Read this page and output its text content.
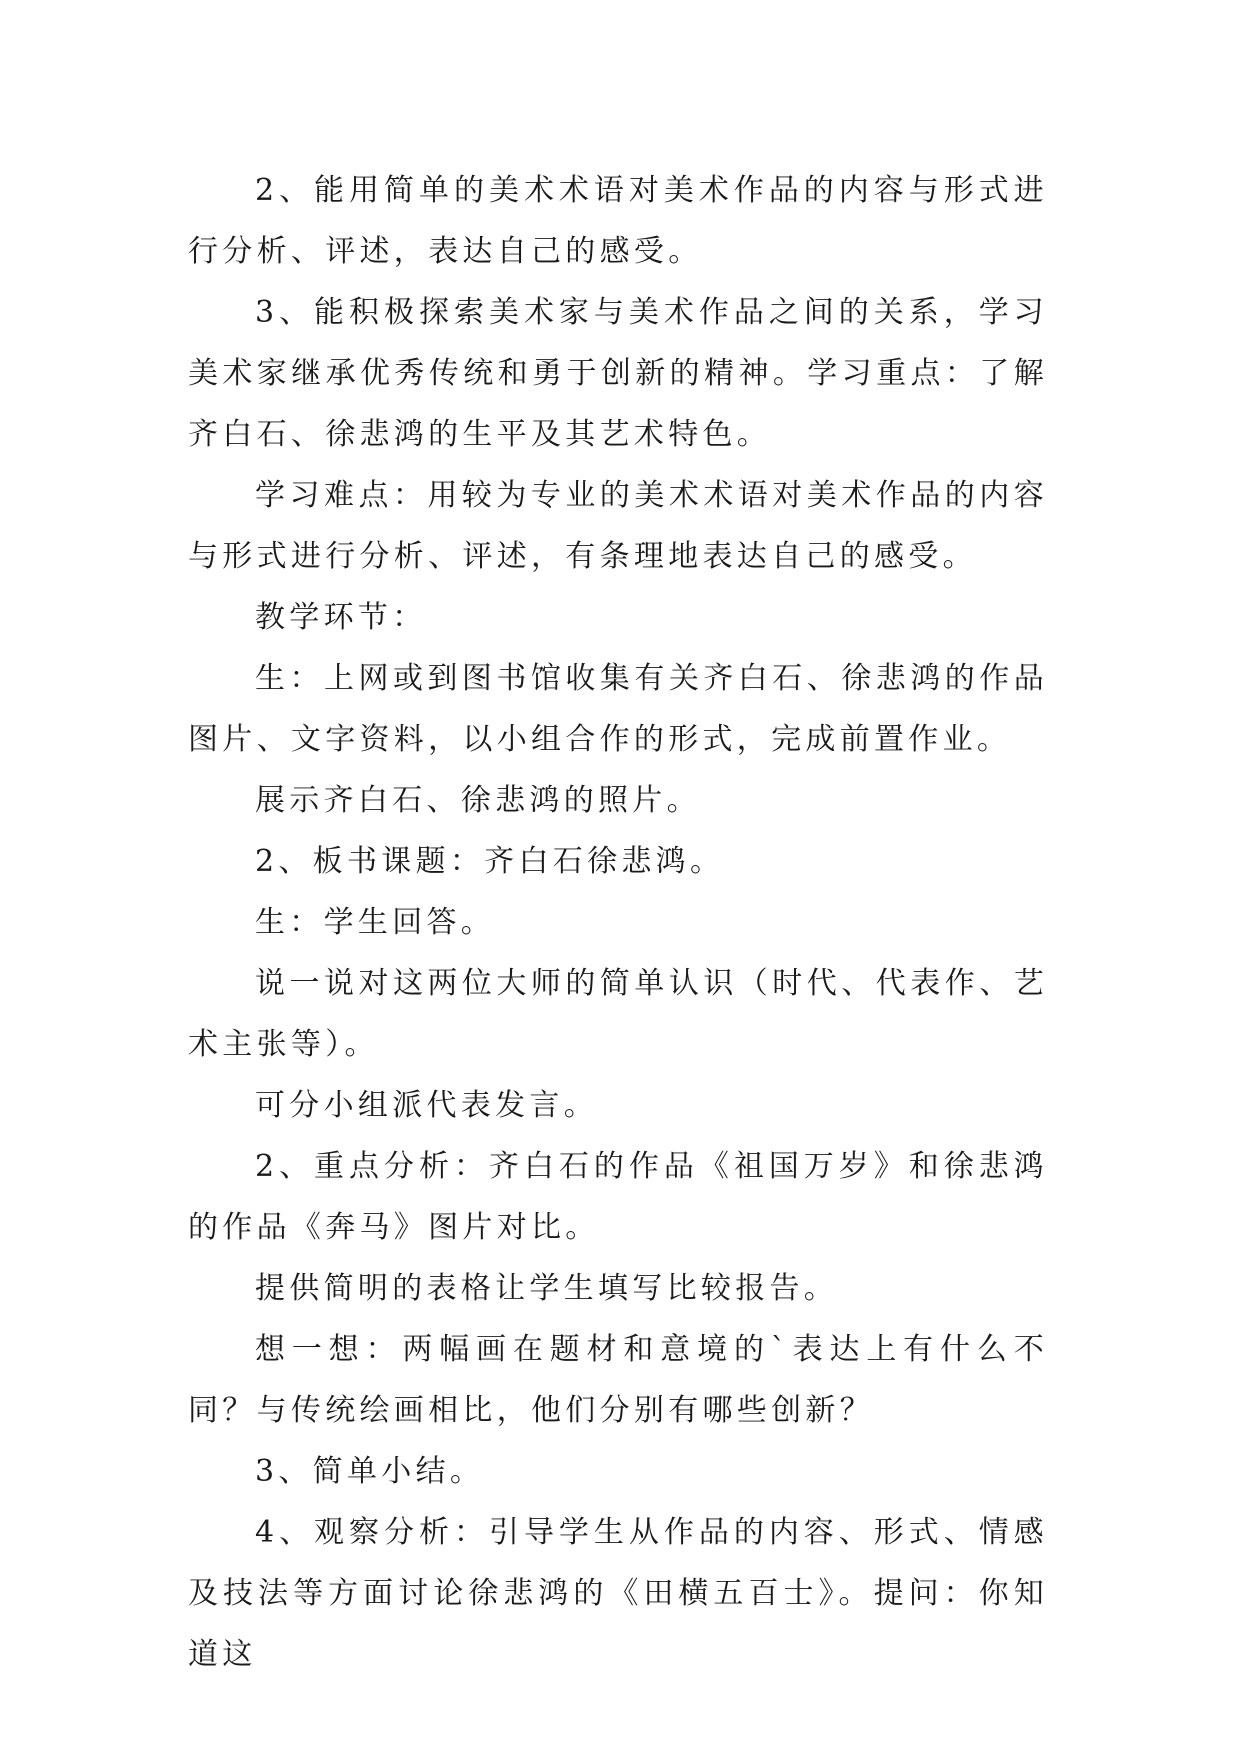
2、能用简单的美术术语对美术作品的内容与形式进行分析、评述，表达自己的感受。

3、能积极探索美术家与美术作品之间的关系，学习美术家继承优秀传统和勇于创新的精神。学习重点：了解齐白石、徐悲鸿的生平及其艺术特色。

学习难点：用较为专业的美术术语对美术作品的内容与形式进行分析、评述，有条理地表达自己的感受。

教学环节：

生：上网或到图书馆收集有关齐白石、徐悲鸿的作品图片、文字资料，以小组合作的形式，完成前置作业。

展示齐白石、徐悲鸿的照片。

2、板书课题：齐白石徐悲鸿。

生：学生回答。

说一说对这两位大师的简单认识（时代、代表作、艺术主张等）。

可分小组派代表发言。

2、重点分析：齐白石的作品《祖国万岁》和徐悲鸿的作品《奔马》图片对比。

提供简明的表格让学生填写比较报告。

想一想：两幅画在题材和意境的`表达上有什么不同？与传统绘画相比，他们分别有哪些创新？

3、简单小结。

4、观察分析：引导学生从作品的内容、形式、情感及技法等方面讨论徐悲鸿的《田横五百士》。提问：你知道这
